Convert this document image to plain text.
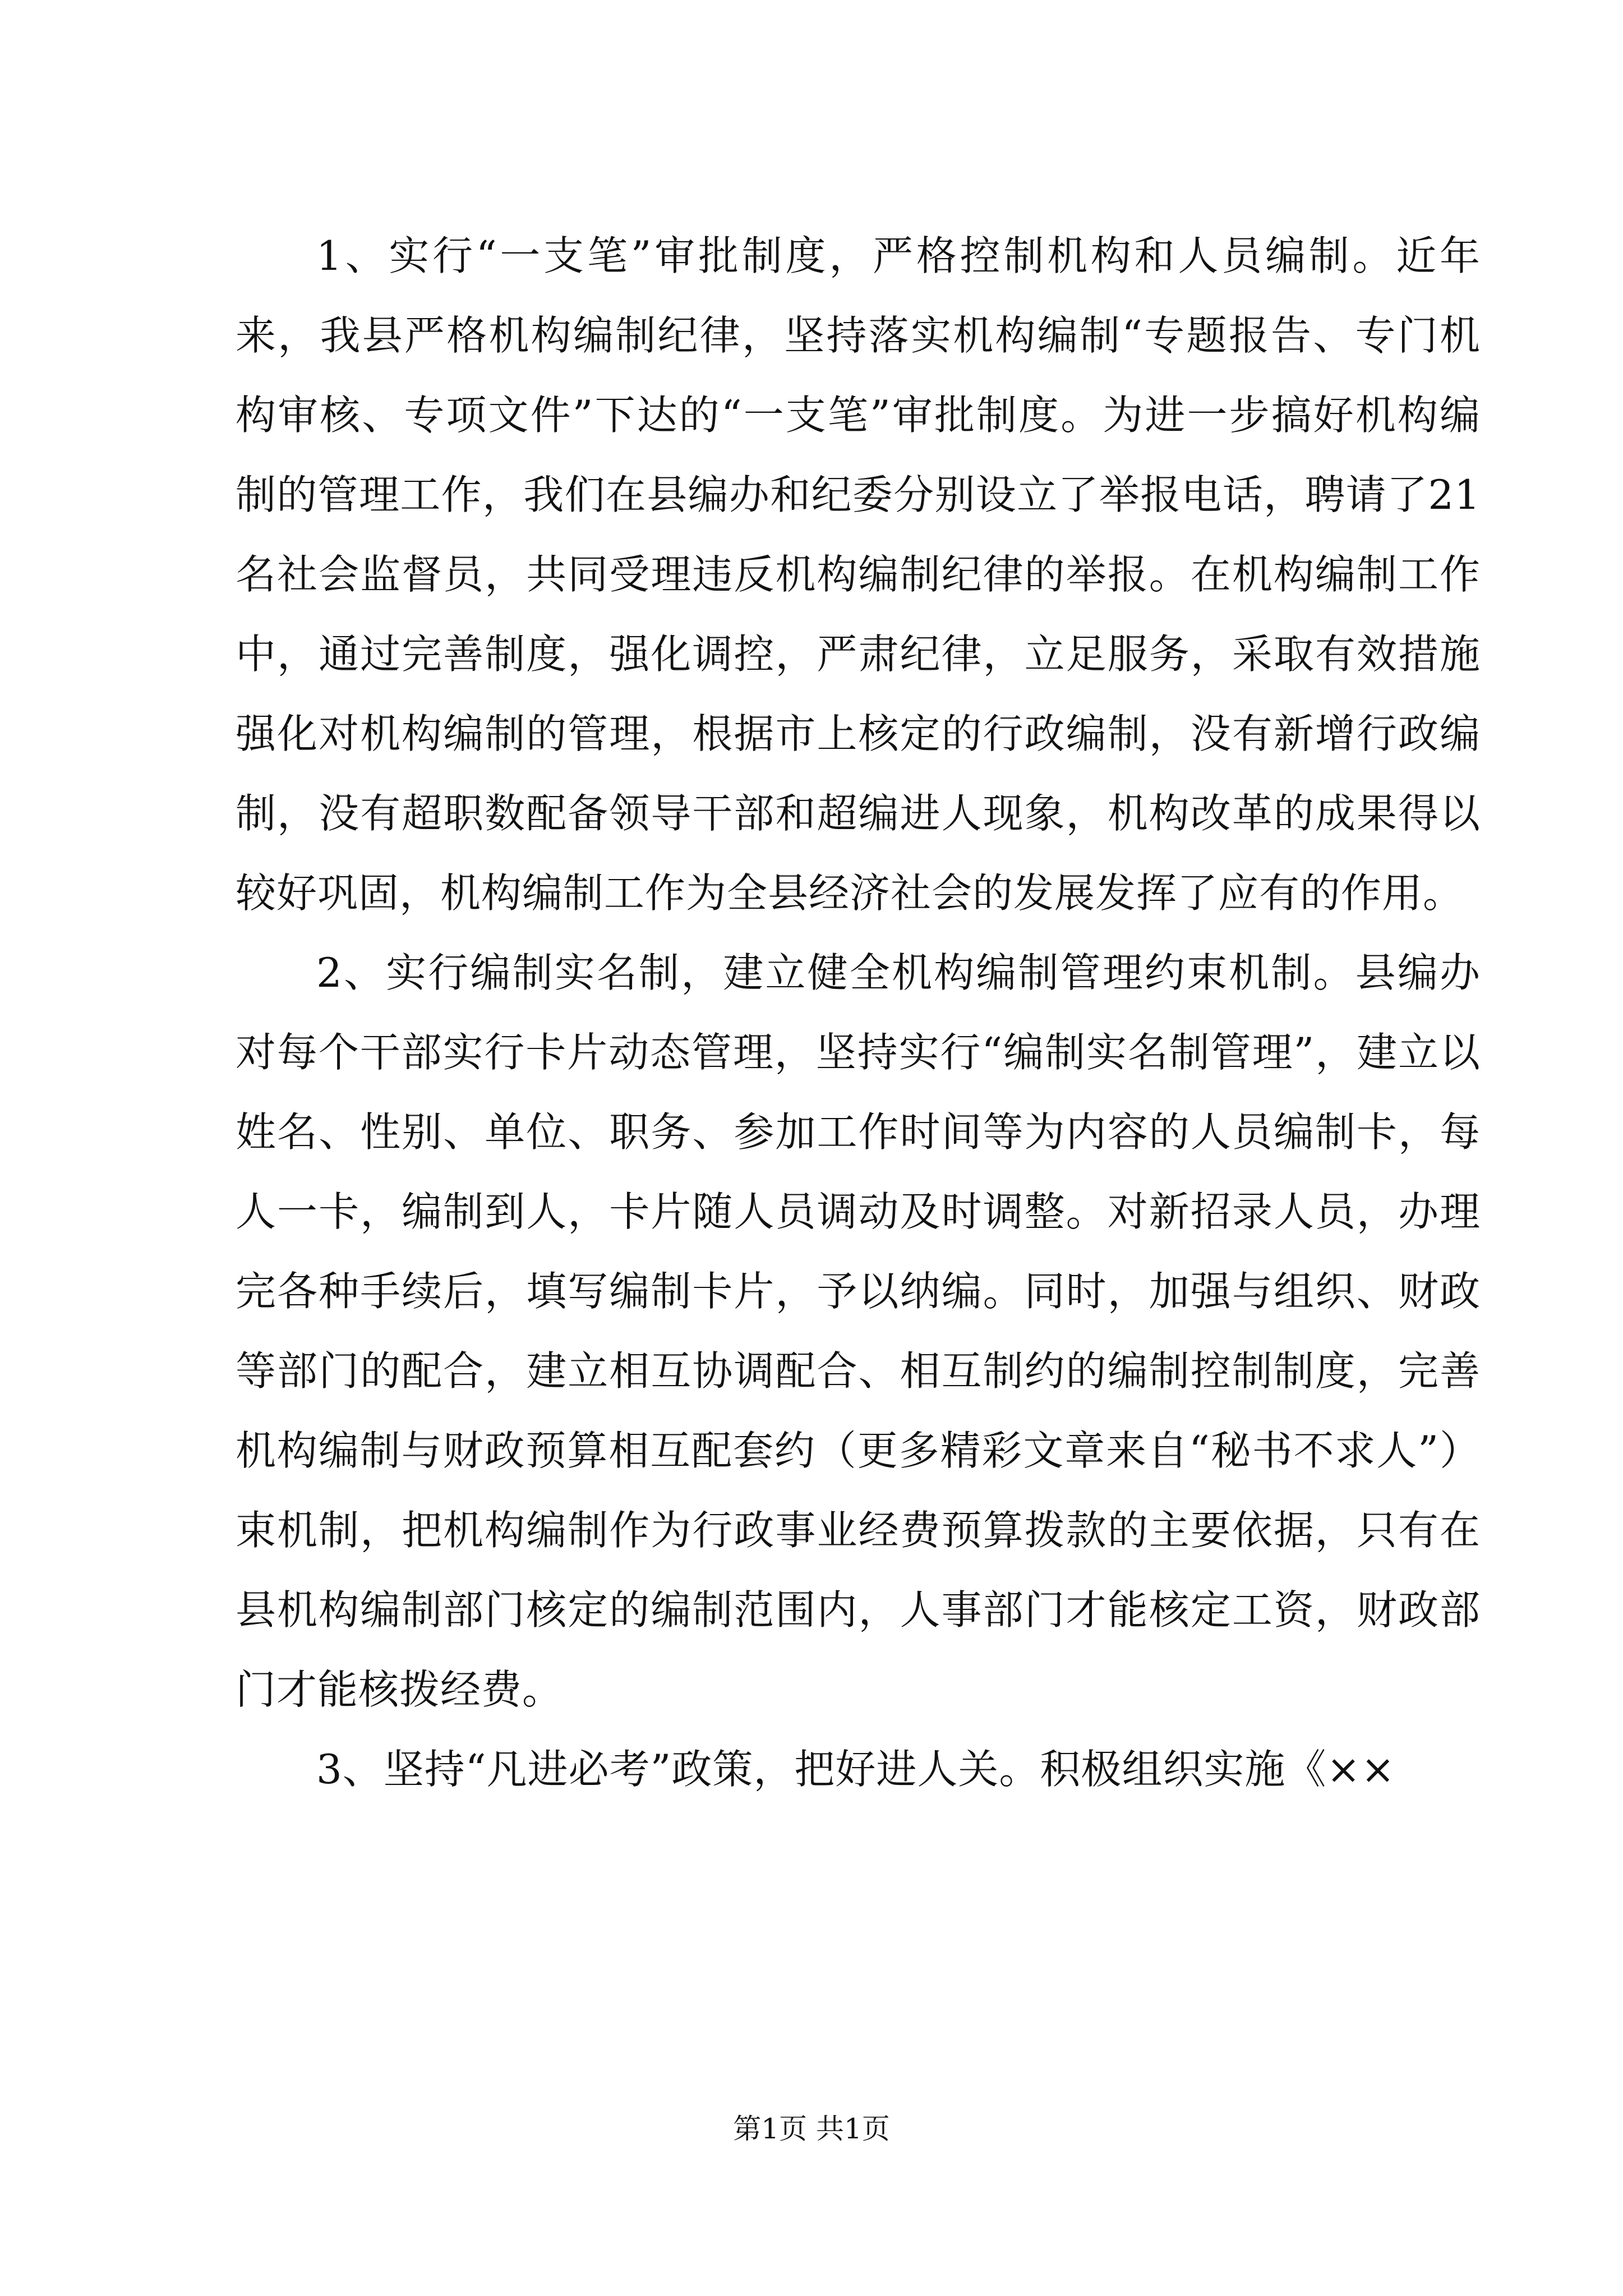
1、实行“一支笔”审批制度，严格控制机构和人员编制。近年来，我县严格机构编制纪律，坚持落实机构编制“专题报告、专门机构审核、专项文件”下达的“一支笔”审批制度。为进一步搞好机构编制的管理工作，我们在县编办和纪委分别设立了举报电话，聘请了21名社会监督员，共同受理违反机构编制纪律的举报。在机构编制工作中，通过完善制度，强化调控，严肃纪律，立足服务，采取有效措施强化对机构编制的管理，根据市上核定的行政编制，没有新增行政编制，没有超职数配备领导干部和超编进人现象，机构改革的成果得以较好巩固，机构编制工作为全县经济社会的发展发挥了应有的作用。

2、实行编制实名制，建立健全机构编制管理约束机制。县编办对每个干部实行卡片动态管理，坚持实行“编制实名制管理”，建立以姓名、性别、单位、职务、参加工作时间等为内容的人员编制卡，每人一卡，编制到人，卡片随人员调动及时调整。对新招录人员，办理完各种手续后，填写编制卡片，予以纳编。同时，加强与组织、财政等部门的配合，建立相互协调配合、相互制约的编制控制制度，完善机构编制与财政预算相互配套约（更多精彩文章来自“秘书不求人”）束机制，把机构编制作为行政事业经费预算拨款的主要依据，只有在县机构编制部门核定的编制范围内，人事部门才能核定工资，财政部门才能核拨经费。

3、坚持“凡进必考”政策，把好进人关。积极组织实施《××

第1页 共1页
